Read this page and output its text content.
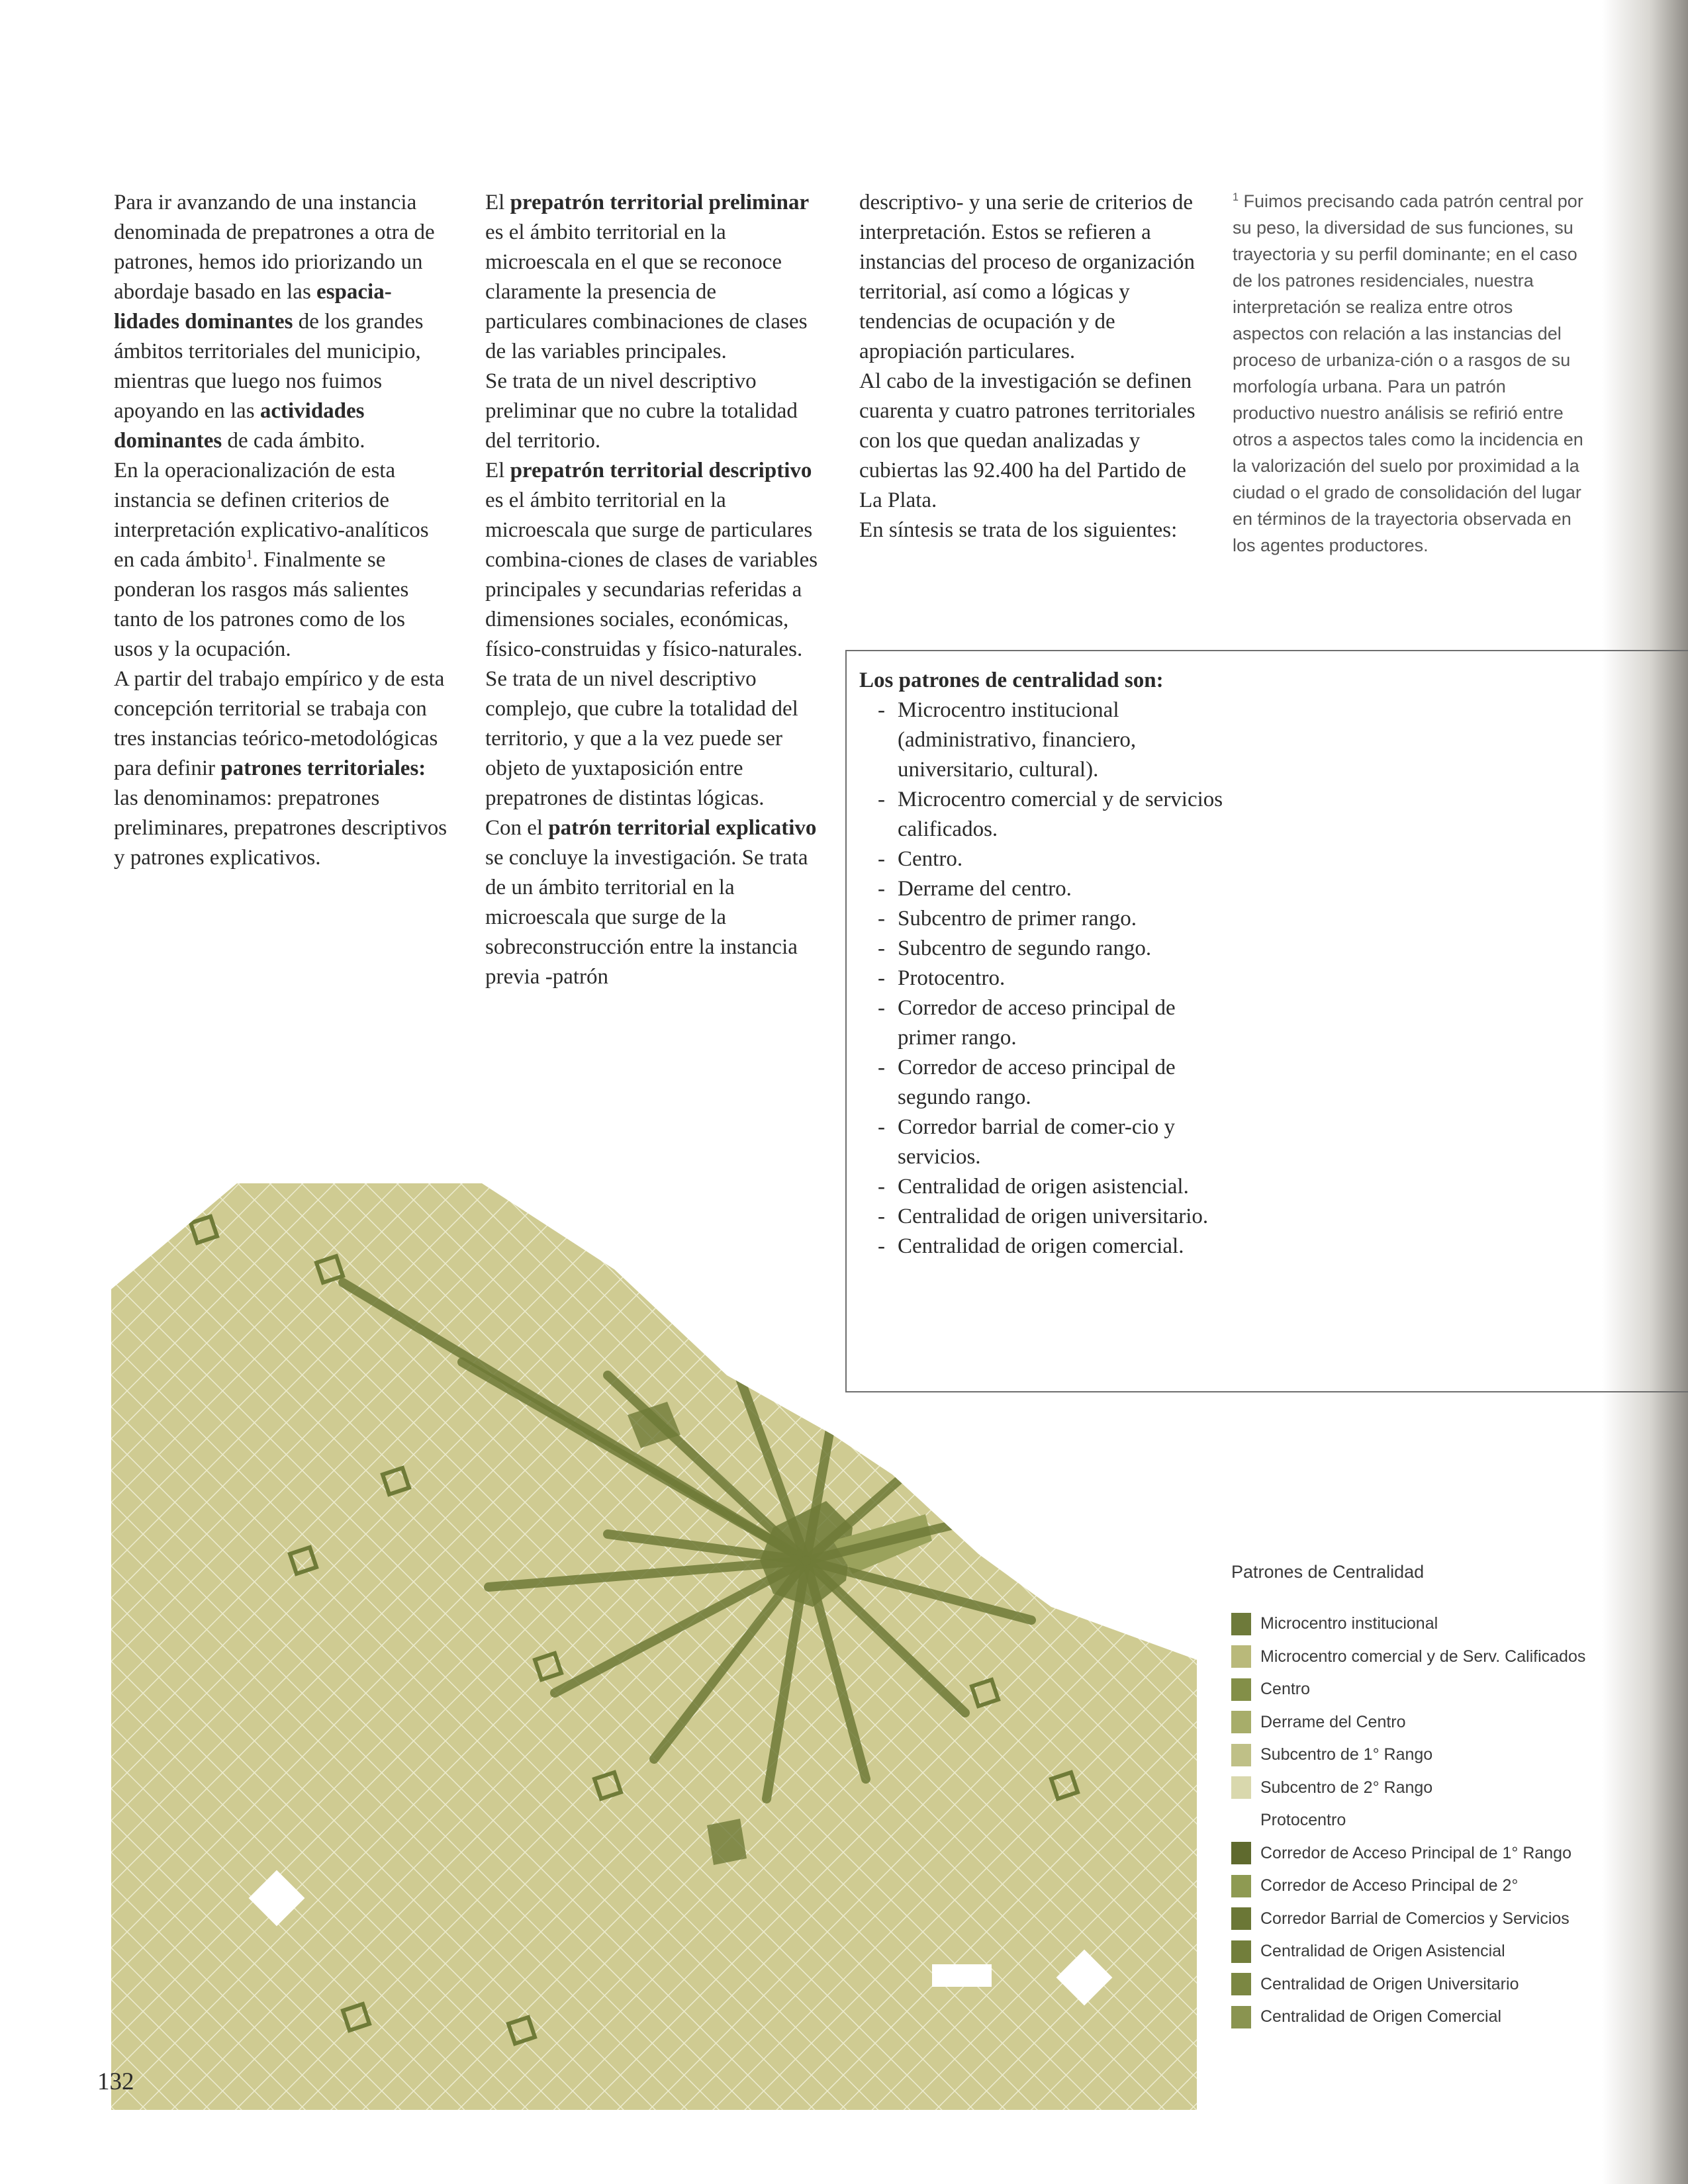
Para ir avanzando de una instancia denominada de prepatrones a otra de patrones, hemos ido priorizando un abordaje basado en las espacia-lidades dominantes de los grandes ámbitos territoriales del municipio, mientras que luego nos fuimos apoyando en las actividades dominantes de cada ámbito.

En la operacionalización de esta instancia se definen criterios de interpretación explicativo-analíticos en cada ámbito$^1$. Finalmente se ponderan los rasgos más salientes tanto de los patrones como de los usos y la ocupación.

A partir del trabajo empírico y de esta concepción territorial se trabaja con tres instancias teórico-metodológicas para definir patrones territoriales: las denominamos: prepatrones preliminares, prepatrones descriptivos y patrones explicativos.

El prepatrón territorial preliminar es el ámbito territorial en la microescala en el que se reconoce claramente la presencia de particulares combinaciones de clases de las variables principales.

Se trata de un nivel descriptivo preliminar que no cubre la totalidad del territorio.

El prepatrón territorial descriptivo es el ámbito territorial en la microescala que surge de particulares combina-ciones de clases de variables principales y secundarias referidas a dimensiones sociales, económicas, físico-construidas y físico-naturales. Se trata de un nivel descriptivo complejo, que cubre la totalidad del territorio, y que a la vez puede ser objeto de yuxtaposición entre prepatrones de distintas lógicas.

Con el patrón territorial explicativo se concluye la investigación. Se trata de un ámbito territorial en la microescala que surge de la sobreconstrucción entre la instancia previa -patrón

descriptivo- y una serie de criterios de interpretación. Estos se refieren a instancias del proceso de organización territorial, así como a lógicas y tendencias de ocupación y de apropiación particulares.

Al cabo de la investigación se definen cuarenta y cuatro patrones territoriales con los que quedan analizadas y cubiertas las 92.400 ha del Partido de La Plata.

En síntesis se trata de los siguientes:

$^1$ Fuimos precisando cada patrón central por su peso, la diversidad de sus funciones, su trayectoria y su perfil dominante; en el caso de los patrones residenciales, nuestra interpretación se realiza entre otros aspectos con relación a las instancias del proceso de urbaniza-ción o a rasgos de su morfología urbana. Para un patrón productivo nuestro análisis se refirió entre otros a aspectos tales como la incidencia en la valorización del suelo por proximidad a la ciudad o el grado de consolidación del lugar en términos de la trayectoria observada en los agentes productores.

Los patrones de centralidad son:

- Microcentro institucional (administrativo, financiero, universitario, cultural).
- Microcentro comercial y de servicios calificados.
- Centro.
- Derrame del centro.
- Subcentro de primer rango.
- Subcentro de segundo rango.
- Protocentro.
- Corredor de acceso principal de primer rango.
- Corredor de acceso principal de segundo rango.
- Corredor barrial de comer-cio y servicios.
- Centralidad de origen asistencial.
- Centralidad de origen universitario.
- Centralidad de origen comercial.
Patrones de Centralidad
Microcentro institucional
Microcentro comercial y de Serv. Calificados
Centro
Derrame del Centro
Subcentro de 1° Rango
Subcentro de 2° Rango
Protocentro
Corredor de Acceso Principal de 1° Rango
Corredor de Acceso Principal de 2°
Corredor Barrial de Comercios y Servicios
Centralidad de Origen Asistencial
Centralidad de Origen Universitario
Centralidad de Origen Comercial
132
